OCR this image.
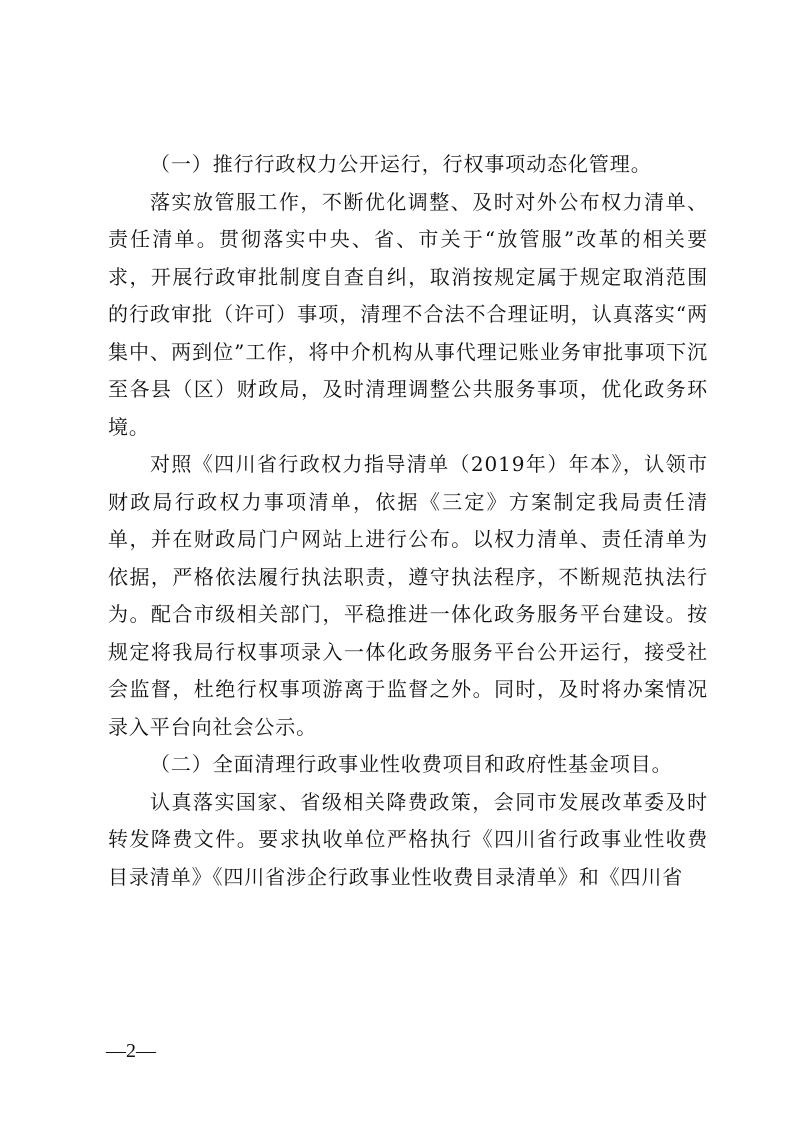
（一）推行行政权力公开运行，行权事项动态化管理。

落实放管服工作，不断优化调整、及时对外公布权力清单、责任清单。贯彻落实中央、省、市关于“放管服”改革的相关要求，开展行政审批制度自查自纠，取消按规定属于规定取消范围的行政审批（许可）事项，清理不合法不合理证明，认真落实“两集中、两到位”工作，将中介机构从事代理记账业务审批事项下沉至各县（区）财政局，及时清理调整公共服务事项，优化政务环境。

对照《四川省行政权力指导清单（2019年）年本》，认领市财政局行政权力事项清单，依据《三定》方案制定我局责任清单，并在财政局门户网站上进行公布。以权力清单、责任清单为依据，严格依法履行执法职责，遵守执法程序，不断规范执法行为。配合市级相关部门，平稳推进一体化政务服务平台建设。按规定将我局行权事项录入一体化政务服务平台公开运行，接受社会监督，杜绝行权事项游离于监督之外。同时，及时将办案情况录入平台向社会公示。

（二）全面清理行政事业性收费项目和政府性基金项目。

认真落实国家、省级相关降费政策，会同市发展改革委及时转发降费文件。要求执收单位严格执行《四川省行政事业性收费目录清单》《四川省涉企行政事业性收费目录清单》和《四川省

—2—
